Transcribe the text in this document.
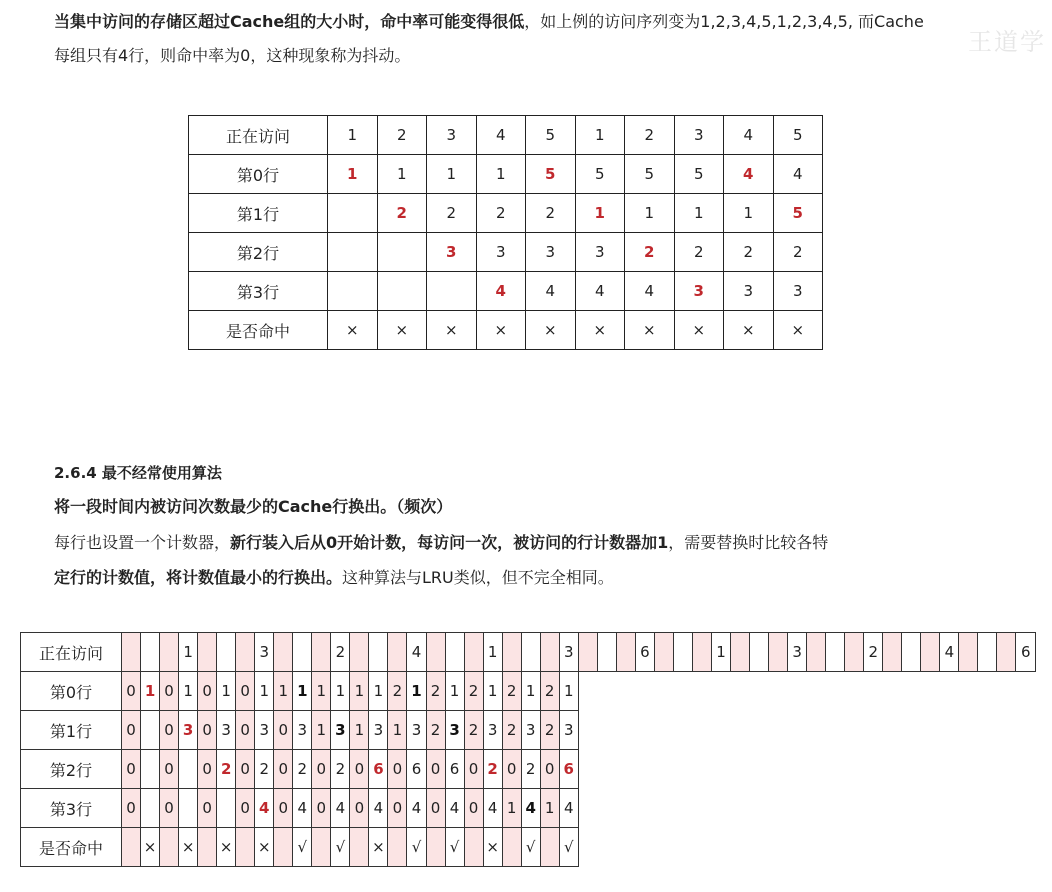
当集中访问的存储区超过Cache组的大小时，命中率可能变得很低，如上例的访问序列变为1,2,3,4,5,1,2,3,4,5, 而Cache
每组只有4行，则命中率为0，这种现象称为抖动。	王道学
正在访问	1	2	3	4	5	1	2	3	4	5
第0行	1	1	1	1	5	5	5	5	4	4
第1行		2	2	2	2	1	1	1	1	5
第2行			3	3	3	3	2	2	2	2
第3行				4	4	4	4	3	3	3
是否命中	×	×	×	×	×	×	×	×	×	×
2.6.4 最不经常使用算法
将一段时间内被访问次数最少的Cache行换出。（频次）
每行也设置一个计数器，新行装入后从0开始计数，每访问一次，被访问的行计数器加1，需要替换时比较各特
定行的计数值，将计数值最小的行换出。这种算法与LRU类似，但不完全相同。
正在访问				1				3				2				4				1				3				6				1				3				2				4				6
第0行	0	1	0	1	0	1	0	1	1	1	1	1	1	1	2	1	2	1	2	1	2	1	2	1																								
第1行	0		0	3	0	3	0	3	0	3	1	3	1	3	1	3	2	3	2	3	2	3	2	3																								
第2行	0		0		0	2	0	2	0	2	0	2	0	6	0	6	0	6	0	2	0	2	0	6																								
第3行	0		0		0		0	4	0	4	0	4	0	4	0	4	0	4	0	4	1	4	1	4																								
是否命中		×		×		×		×		√		√		×		√		√		×		√		√																								
